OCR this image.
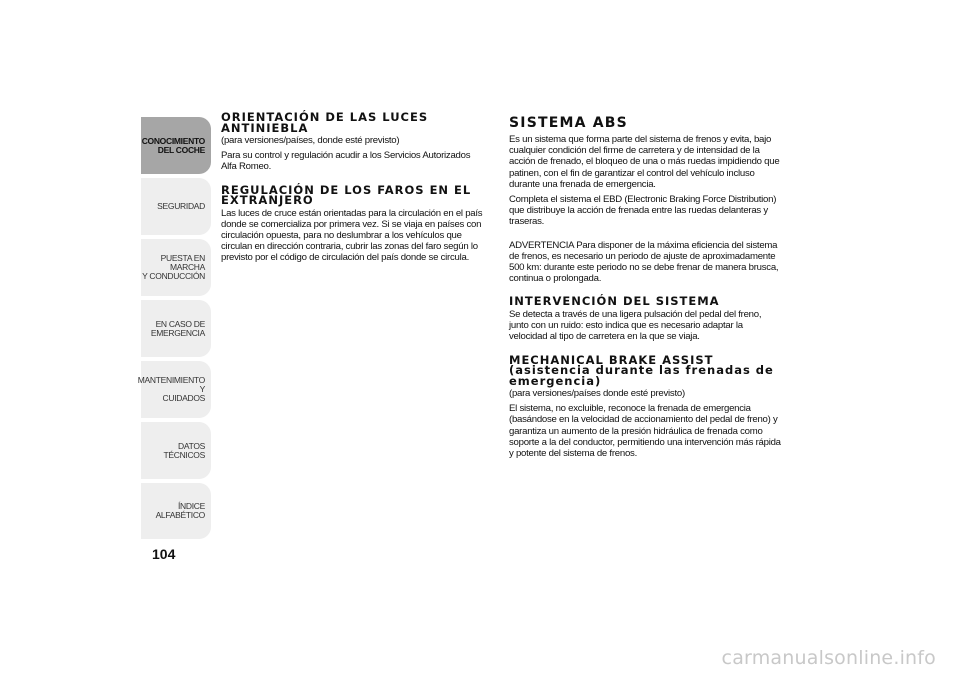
CONOCIMIENTO
DEL COCHE
SEGURIDAD
PUESTA EN MARCHA
Y CONDUCCIÓN
EN CASO DE
EMERGENCIA
MANTENIMIENTO Y
CUIDADOS
DATOS TÉCNICOS
ÍNDICE ALFABÉTICO
104
ORIENTACIÓN DE LAS LUCES ANTINIEBLA

(para versiones/países, donde esté previsto)

Para su control y regulación acudir a los Servicios Autorizados Alfa Romeo.

REGULACIÓN DE LOS FAROS EN EL EXTRANJERO

Las luces de cruce están orientadas para la circulación en el país donde se comercializa por primera vez. Si se viaja en países con circulación opuesta, para no deslumbrar a los vehículos que circulan en dirección contraria, cubrir las zonas del faro según lo previsto por el código de circulación del país donde se circula.

SISTEMA ABS

Es un sistema que forma parte del sistema de frenos y evita, bajo cualquier condición del firme de carretera y de intensidad de la acción de frenado, el bloqueo de una o más ruedas impidiendo que patinen, con el fin de garantizar el control del vehículo incluso durante una frenada de emergencia.

Completa el sistema el EBD (Electronic Braking Force Distribution) que distribuye la acción de frenada entre las ruedas delanteras y traseras.

ADVERTENCIA Para disponer de la máxima eficiencia del sistema de frenos, es necesario un periodo de ajuste de aproximadamente 500 km: durante este periodo no se debe frenar de manera brusca, continua o prolongada.

INTERVENCIÓN DEL SISTEMA

Se detecta a través de una ligera pulsación del pedal del freno, junto con un ruido: esto indica que es necesario adaptar la velocidad al tipo de carretera en la que se viaja.

MECHANICAL BRAKE ASSIST (asistencia durante las frenadas de emergencia)

(para versiones/países donde esté previsto)

El sistema, no excluible, reconoce la frenada de emergencia (basándose en la velocidad de accionamiento del pedal de freno) y garantiza un aumento de la presión hidráulica de frenada como soporte a la del conductor, permitiendo una intervención más rápida y potente del sistema de frenos.

carmanualsonline.info
